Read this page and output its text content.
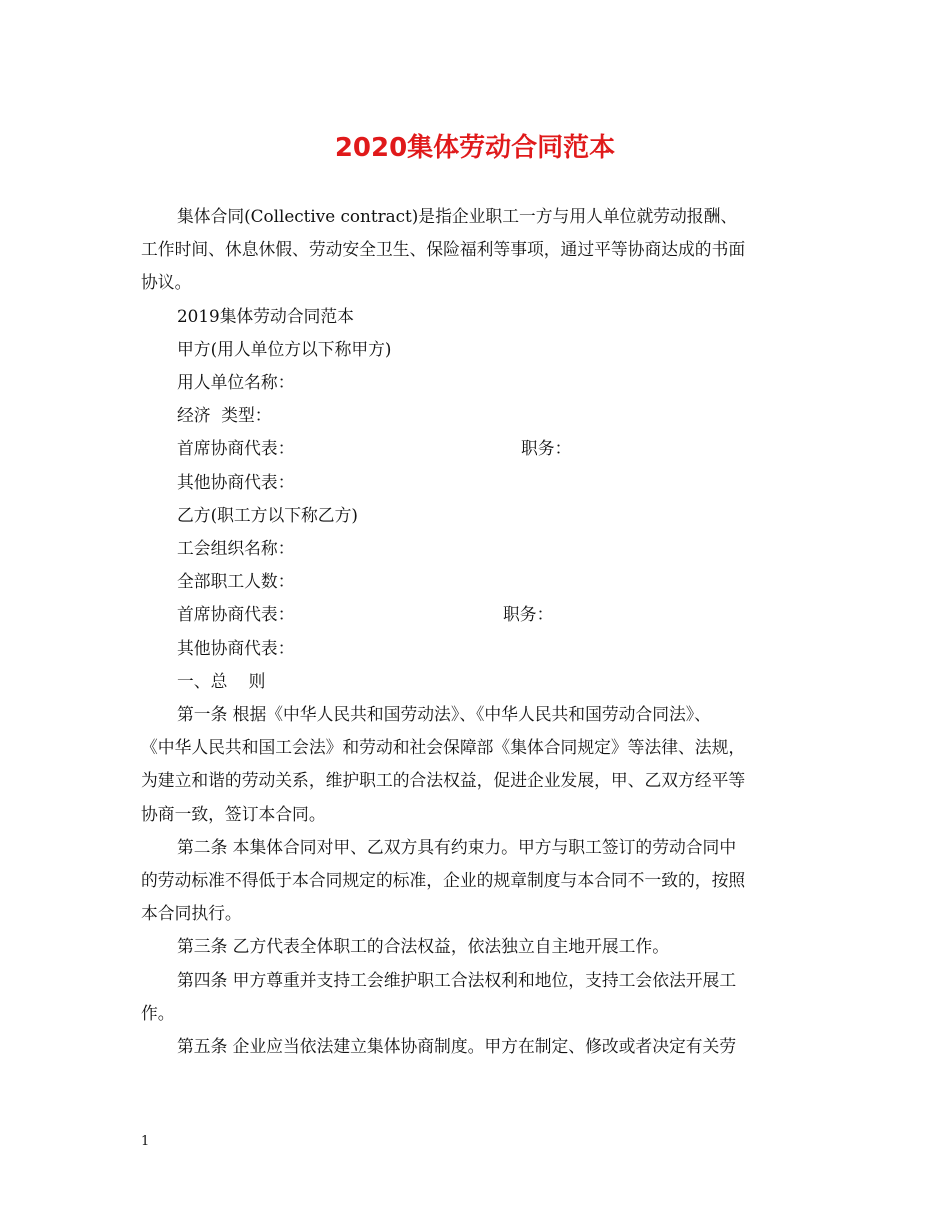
2020集体劳动合同范本
集体合同(Collective contract)是指企业职工一方与用人单位就劳动报酬、
工作时间、休息休假、劳动安全卫生、保险福利等事项，通过平等协商达成的书面
协议。
2019集体劳动合同范本
甲方(用人单位方以下称甲方)
用人单位名称：
经济  类型：
首席协商代表：	职务：
其他协商代表：
乙方(职工方以下称乙方)
工会组织名称：
全部职工人数：
首席协商代表：	职务：
其他协商代表：
一、总    则
第一条 根据《中华人民共和国劳动法》、《中华人民共和国劳动合同法》、
《中华人民共和国工会法》和劳动和社会保障部《集体合同规定》等法律、法规，
为建立和谐的劳动关系，维护职工的合法权益，促进企业发展，甲、乙双方经平等
协商一致，签订本合同。
第二条 本集体合同对甲、乙双方具有约束力。甲方与职工签订的劳动合同中
的劳动标准不得低于本合同规定的标准，企业的规章制度与本合同不一致的，按照
本合同执行。
第三条 乙方代表全体职工的合法权益，依法独立自主地开展工作。
第四条 甲方尊重并支持工会维护职工合法权利和地位，支持工会依法开展工
作。
第五条 企业应当依法建立集体协商制度。甲方在制定、修改或者决定有关劳
1
